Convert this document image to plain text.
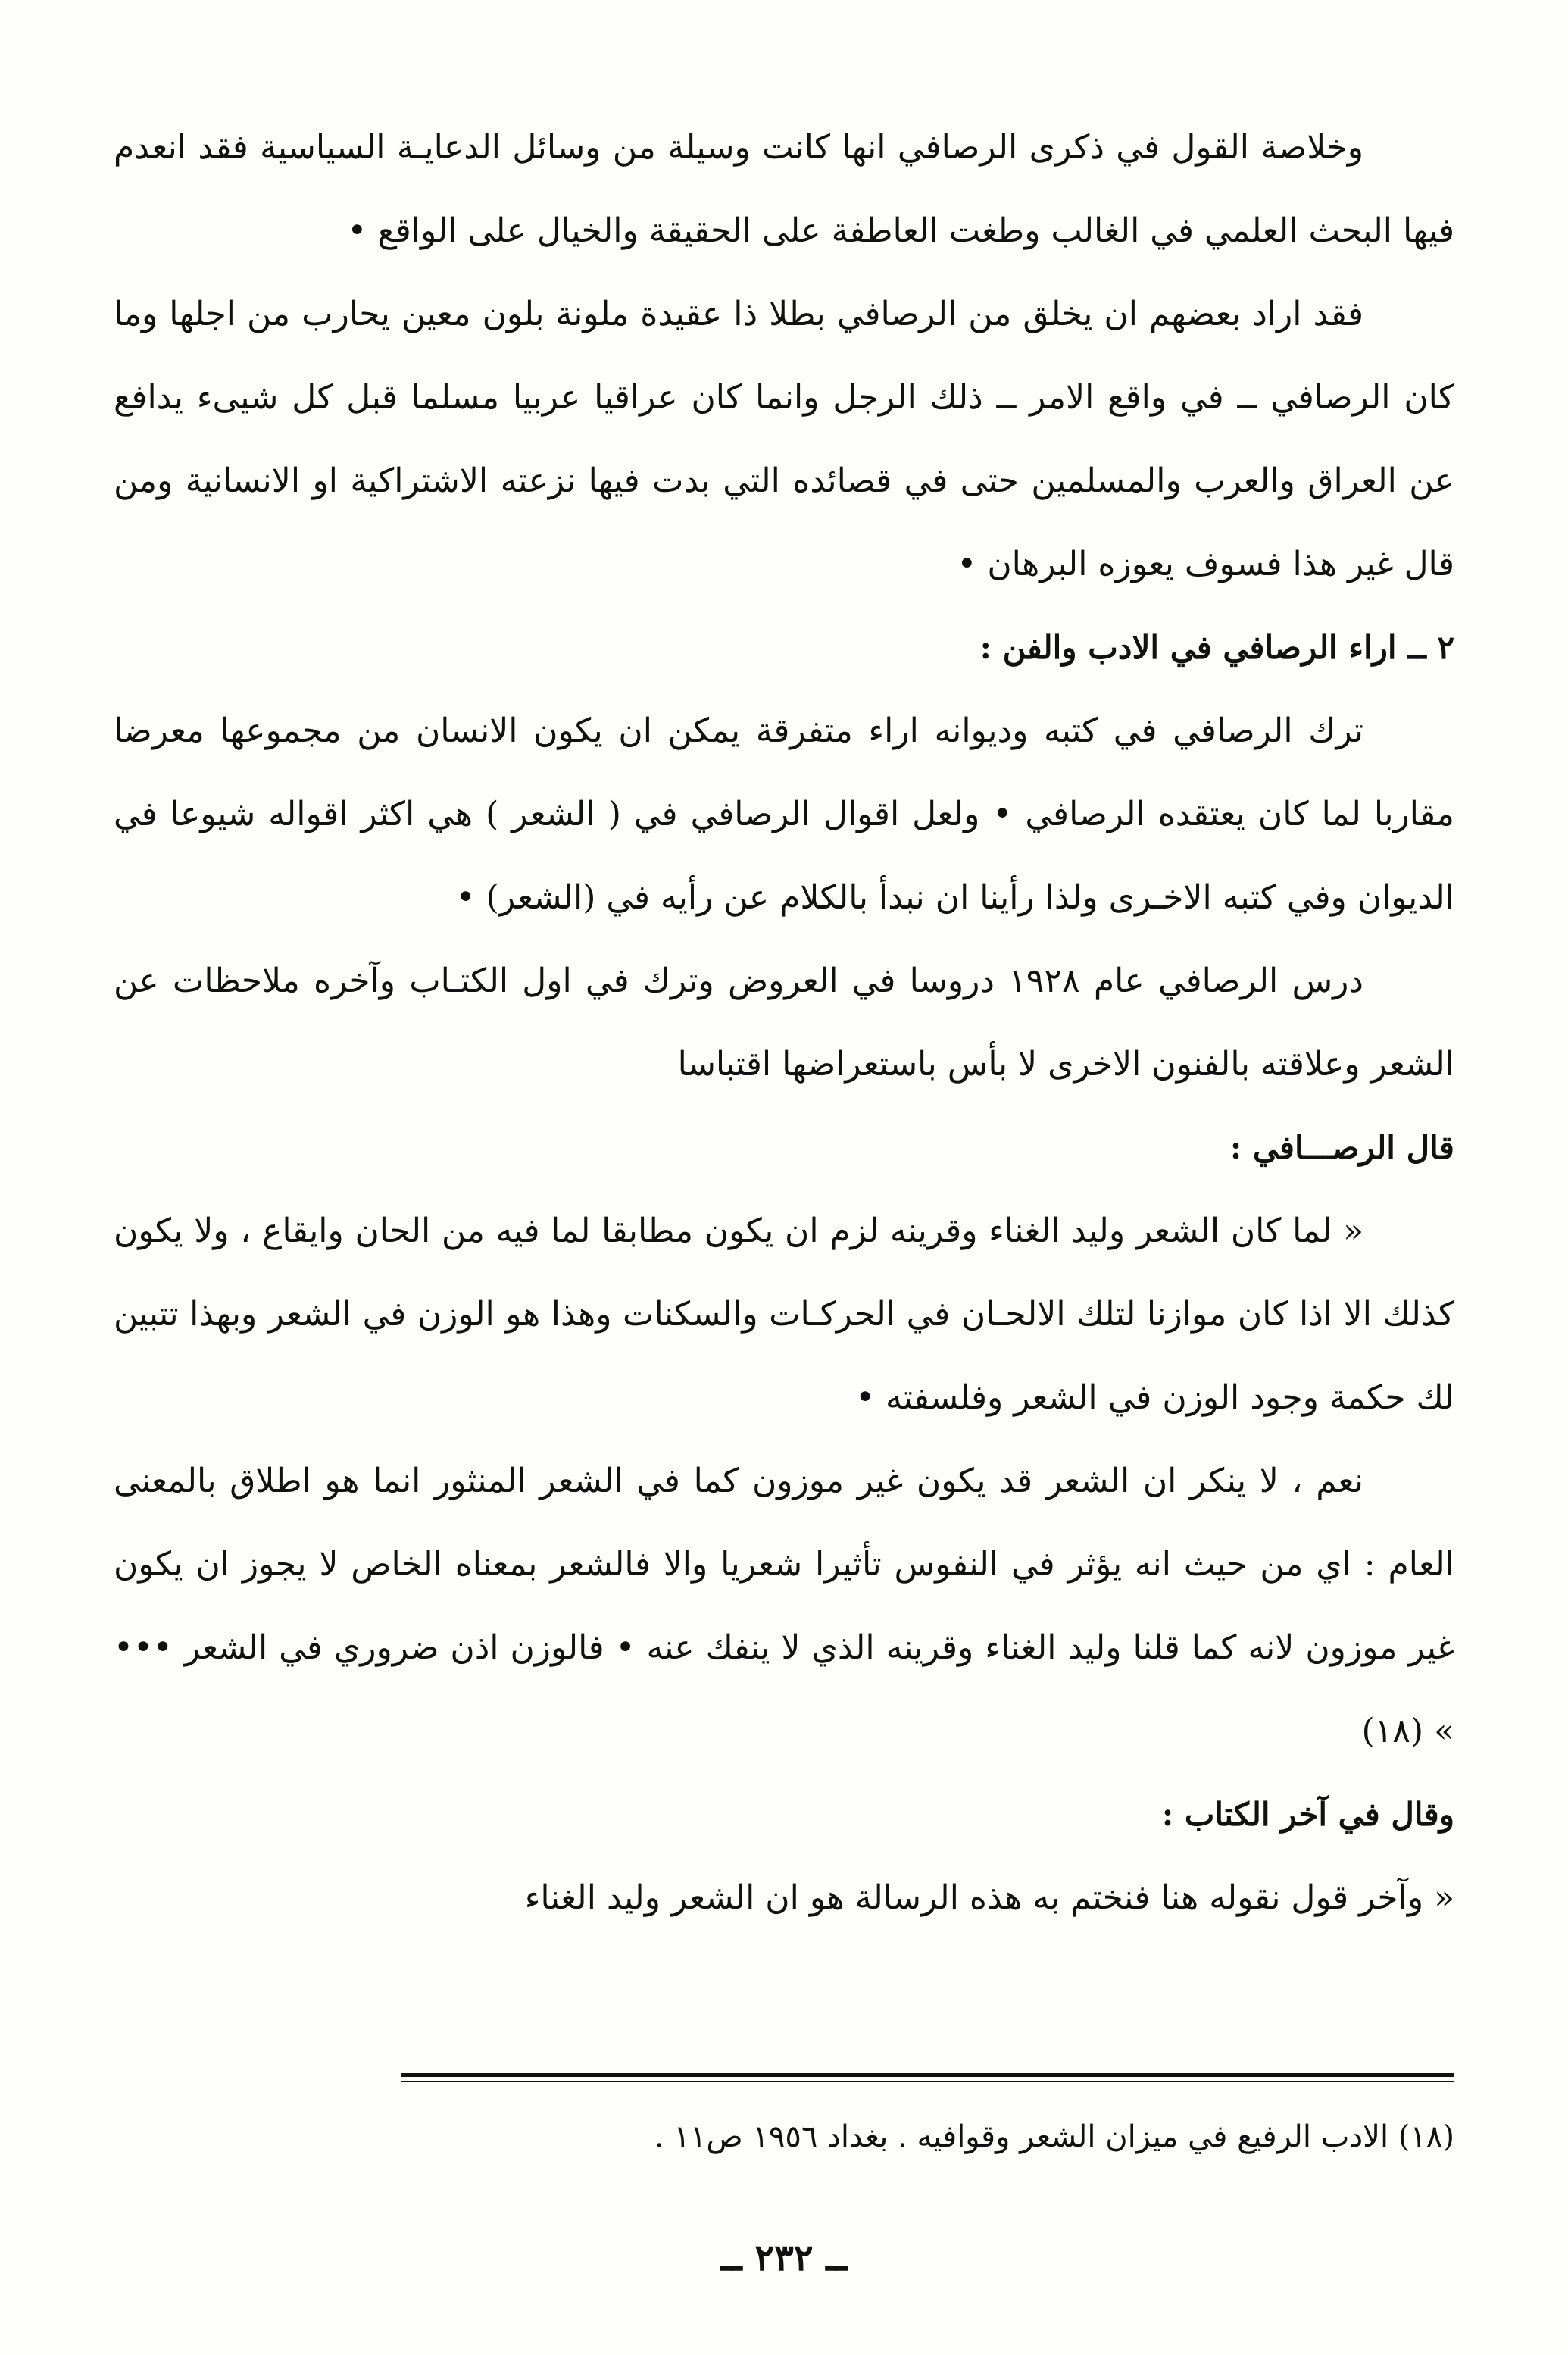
وخلاصة القول في ذكرى الرصافي انها كانت وسيلة من وسائل الدعايـة السياسية فقد انعدم فيها البحث العلمي في الغالب وطغت العاطفة على الحقيقة والخيال على الواقع •

فقد اراد بعضهم ان يخلق من الرصافي بطلا ذا عقيدة ملونة بلون معين يحارب من اجلها وما كان الرصافي ــ في واقع الامر ــ ذلك الرجل وانما كان عراقيا عربيا مسلما قبل كل شيىء يدافع عن العراق والعرب والمسلمين حتى في قصائده التي بدت فيها نزعته الاشتراكية او الانسانية ومن قال غير هذا فسوف يعوزه البرهان •

٢ ــ اراء الرصافي في الادب والفن :

ترك الرصافي في كتبه وديوانه اراء متفرقة يمكن ان يكون الانسان من مجموعها معرضا مقاربا لما كان يعتقده الرصافي • ولعل اقوال الرصافي في ( الشعر ) هي اكثر اقواله شيوعا في الديوان وفي كتبه الاخـرى ولذا رأينا ان نبدأ بالكلام عن رأيه في (الشعر) •

درس الرصافي عام ١٩٢٨ دروسا في العروض وترك في اول الكتـاب وآخره ملاحظات عن الشعر وعلاقته بالفنون الاخرى لا بأس باستعراضها اقتباسا

قال الرصـــافي :

« لما كان الشعر وليد الغناء وقرينه لزم ان يكون مطابقا لما فيه من الحان وايقاع ، ولا يكون كذلك الا اذا كان موازنا لتلك الالحـان في الحركـات والسكنات وهذا هو الوزن في الشعر وبهذا تتبين لك حكمة وجود الوزن في الشعر وفلسفته •

نعم ، لا ينكر ان الشعر قد يكون غير موزون كما في الشعر المنثور انما هو اطلاق بالمعنى العام : اي من حيث انه يؤثر في النفوس تأثيرا شعريا والا فالشعر بمعناه الخاص لا يجوز ان يكون غير موزون لانه كما قلنا وليد الغناء وقرينه الذي لا ينفك عنه • فالوزن اذن ضروري في الشعر ••• » (١٨)

وقال في آخر الكتاب :

« وآخر قول نقوله هنا فنختم به هذه الرسالة هو ان الشعر وليد الغناء

(١٨) الادب الرفيع في ميزان الشعر وقوافيه . بغداد ١٩٥٦ ص١١ .
ــ ٢٣٢ ــ
